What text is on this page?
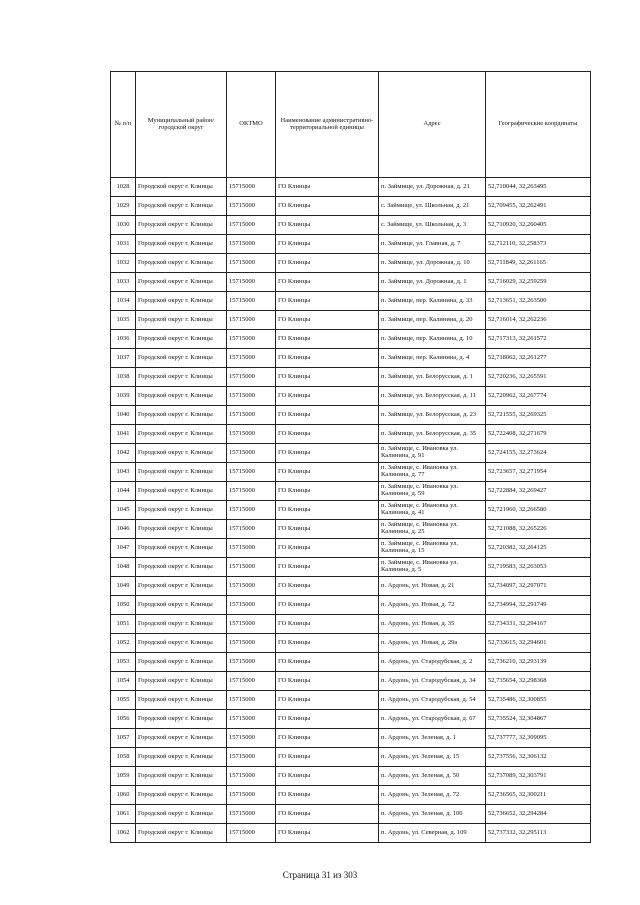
№ п/п	Муниципальный район/городской округ	ОКТМО	Наименование административно-территориальной единицы	Адрес	Географические координаты
1028	Городской округ г. Клинцы	15715000	ГО Клинцы	п. Займище, ул. Дорожная, д. 21	52,710044, 32,263495
1029	Городской округ г. Клинцы	15715000	ГО Клинцы	с. Займище, ул. Школьная, д. 21	52,709455, 32,262491
1030	Городской округ г. Клинцы	15715000	ГО Клинцы	с. Займище, ул. Школьная, д. 3	52,710920, 32,260405
1031	Городской округ г. Клинцы	15715000	ГО Клинцы	п. Займище, ул. Главная, д. 7	52,712110, 32,258373
1032	Городской округ г. Клинцы	15715000	ГО Клинцы	п. Займище, ул. Дорожная, д. 10	52,711849, 32,261165
1033	Городской округ г. Клинцы	15715000	ГО Клинцы	п. Займище, ул. Дорожная, д. 1	52,716029, 32,259259
1034	Городской округ г. Клинцы	15715000	ГО Клинцы	п. Займище, пер. Калинина, д. 33	52,713651, 32,263500
1035	Городской округ г. Клинцы	15715000	ГО Клинцы	п. Займище, пер. Калинина, д. 20	52,716014, 32,262236
1036	Городской округ г. Клинцы	15715000	ГО Клинцы	п. Займище, пер. Калинина, д. 10	52,717313, 32,261572
1037	Городской округ г. Клинцы	15715000	ГО Клинцы	п. Займище, пер. Калинина, д. 4	52,718062, 32,261277
1038	Городской округ г. Клинцы	15715000	ГО Клинцы	п. Займище, ул. Белорусская, д. 1	52,720236, 32,265591
1039	Городской округ г. Клинцы	15715000	ГО Клинцы	п. Займище, ул. Белорусская, д. 11	52,720962, 32,267774
1040	Городской округ г. Клинцы	15715000	ГО Клинцы	п. Займище, ул. Белорусская, д. 23	52,721555, 32,269325
1041	Городской округ г. Клинцы	15715000	ГО Клинцы	п. Займище, ул. Белорусская, д. 35	52,722408, 32,271679
1042	Городской округ г. Клинцы	15715000	ГО Клинцы	п. Займище, с. Ивановка ул. Калинина, д. 91	52,724155, 32,273624
1043	Городской округ г. Клинцы	15715000	ГО Клинцы	п. Займище, с. Ивановка ул. Калинина, д. 77	52,723657, 32,271954
1044	Городской округ г. Клинцы	15715000	ГО Клинцы	п. Займище, с. Ивановка ул. Калинина, д. 59	52,722884, 32,269427
1045	Городской округ г. Клинцы	15715000	ГО Клинцы	п. Займище, с. Ивановка ул. Калинина, д. 41	52,721960, 32,266580
1046	Городской округ г. Клинцы	15715000	ГО Клинцы	п. Займище, с. Ивановка ул. Калинина, д. 25	52,721088, 32,265226
1047	Городской округ г. Клинцы	15715000	ГО Клинцы	п. Займище, с. Ивановка ул. Калинина, д. 15	52,720382, 32,264125
1048	Городской округ г. Клинцы	15715000	ГО Клинцы	п. Займище, с. Ивановка ул. Калинина, д. 5	52,719583, 32,263053
1049	Городской округ г. Клинцы	15715000	ГО Клинцы	п. Ардонь, ул. Новая, д. 21	52,734097, 32,297071
1050	Городской округ г. Клинцы	15715000	ГО Клинцы	п. Ардонь, ул. Новая, д. 72	52,734994, 32,291749
1051	Городской округ г. Клинцы	15715000	ГО Клинцы	п. Ардонь, ул. Новая, д. 35	52,734331, 32,294167
1052	Городской округ г. Клинцы	15715000	ГО Клинцы	п. Ардонь, ул. Новая, д. 29а	52,733615, 32,294601
1053	Городской округ г. Клинцы	15715000	ГО Клинцы	п. Ардонь, ул. Стародубская, д. 2	52,736210, 32,293139
1054	Городской округ г. Клинцы	15715000	ГО Клинцы	п. Ардонь, ул. Стародубская, д. 34	52,735654, 32,298368
1055	Городской округ г. Клинцы	15715000	ГО Клинцы	п. Ардонь, ул. Стародубская, д. 54	52,735486, 32,300855
1056	Городской округ г. Клинцы	15715000	ГО Клинцы	п. Ардонь, ул. Стародубская, д. 67	52,735524, 32,304867
1057	Городской округ г. Клинцы	15715000	ГО Клинцы	п. Ардонь, ул. Зеленая, д. 1	52,737777, 32,309095
1058	Городской округ г. Клинцы	15715000	ГО Клинцы	п. Ардонь, ул. Зеленая, д. 15	52,737556, 32,306132
1059	Городской округ г. Клинцы	15715000	ГО Клинцы	п. Ардонь, ул. Зеленая, д. 50	52,737089, 32,303791
1060	Городской округ г. Клинцы	15715000	ГО Клинцы	п. Ардонь, ул. Зеленая, д. 72	52,736565, 32,300211
1061	Городской округ г. Клинцы	15715000	ГО Клинцы	п. Ардонь, ул. Зеленая, д. 100	52,736652, 32,294284
1062	Городской округ г. Клинцы	15715000	ГО Клинцы	п. Ардонь, ул. Северная, д. 109	52,737332, 32,295113
Страница 31 из 303
